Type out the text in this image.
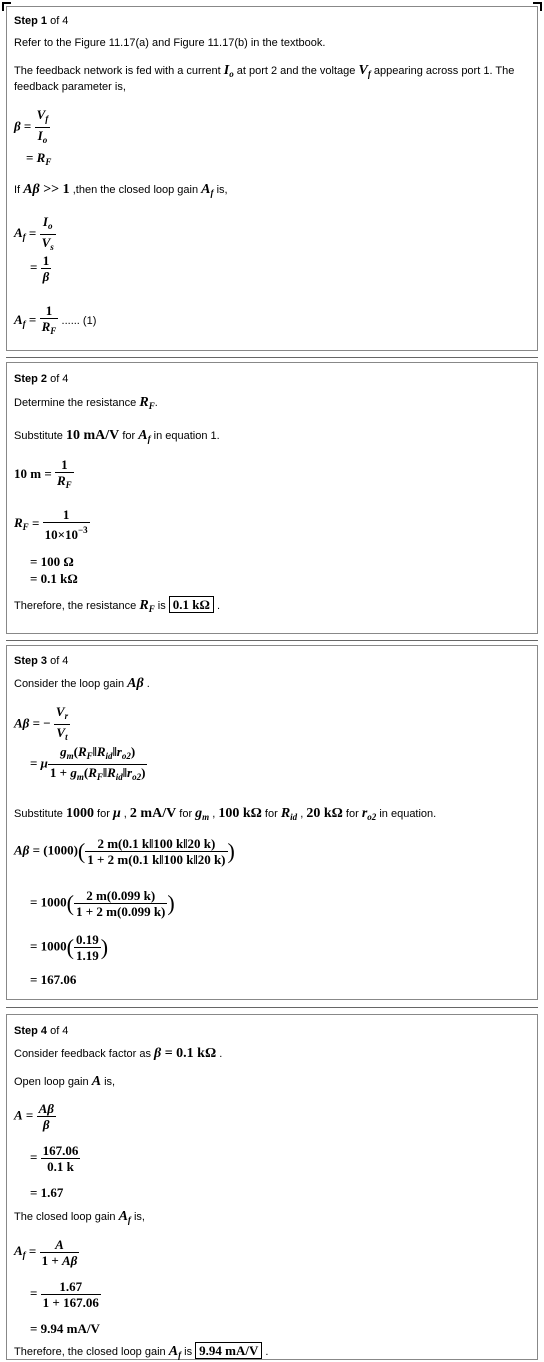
Step 1 of 4
Refer to the Figure 11.17(a) and Figure 11.17(b) in the textbook.
The feedback network is fed with a current $I_o$ at port 2 and the voltage $V_f$ appearing across port 1. The
feedback parameter is,
$\beta = \frac{V_f}{I_o}$
= $R_F$
If Aβ >> 1 ,then the closed loop gain $A_f$ is,
$A_f = \frac{I_o}{V_s}$
= $\frac{1}{\beta}$
$A_f = \frac{1}{R_F}$ ...... (1)
Step 2 of 4
Determine the resistance $R_F$.
Substitute 10 mA/V for $A_f$ in equation 1.
10 $m = \frac{1}{R_F}$
$R_F = \frac{1}{10\times 10^{-3}}$
= 100 Ω
= 0.1 kΩ
Therefore, the resistance $R_F$ is 0.1 kΩ .
Step 3 of 4
Consider the loop gain Aβ .
Aβ = − $\frac{V_r}{V_t}$
= μ $\frac{g_m(R_F‖R_{id}‖r_{o2})}{1 + g_m(R_F‖R_{id}‖r_{o2})}$
Substitute 1000 for μ , 2 mA/V for $g_m$ , 100 kΩ for $R_{id}$ , 20 kΩ for $r_{o2}$ in equation.
$A\beta = (1000)( \frac{2 m(0.1 k‖100 k‖20 k)}{1 + 2 m(0.1 k‖100 k‖20 k)}$ )
= $1000( \frac{2 m(0.099 k)}{1 + 2 m(0.099 k)}$ )
= $1000( \frac{0.19}{1.19}$ )
= 167.06
Step 4 of 4
Consider feedback factor as β = 0.1 kΩ .
Open loop gain A is,
$A = \frac{A\beta}{\beta}$
= $\frac{167.06}{0.1 k}$
= 1.67
The closed loop gain $A_f$ is,
$A_f = \frac{A}{1 + A\beta}$
= $\frac{1.67}{1 + 167.06}$
= 9.94 mA/V
Therefore, the closed loop gain $A_f$ is 9.94 mA/V .
